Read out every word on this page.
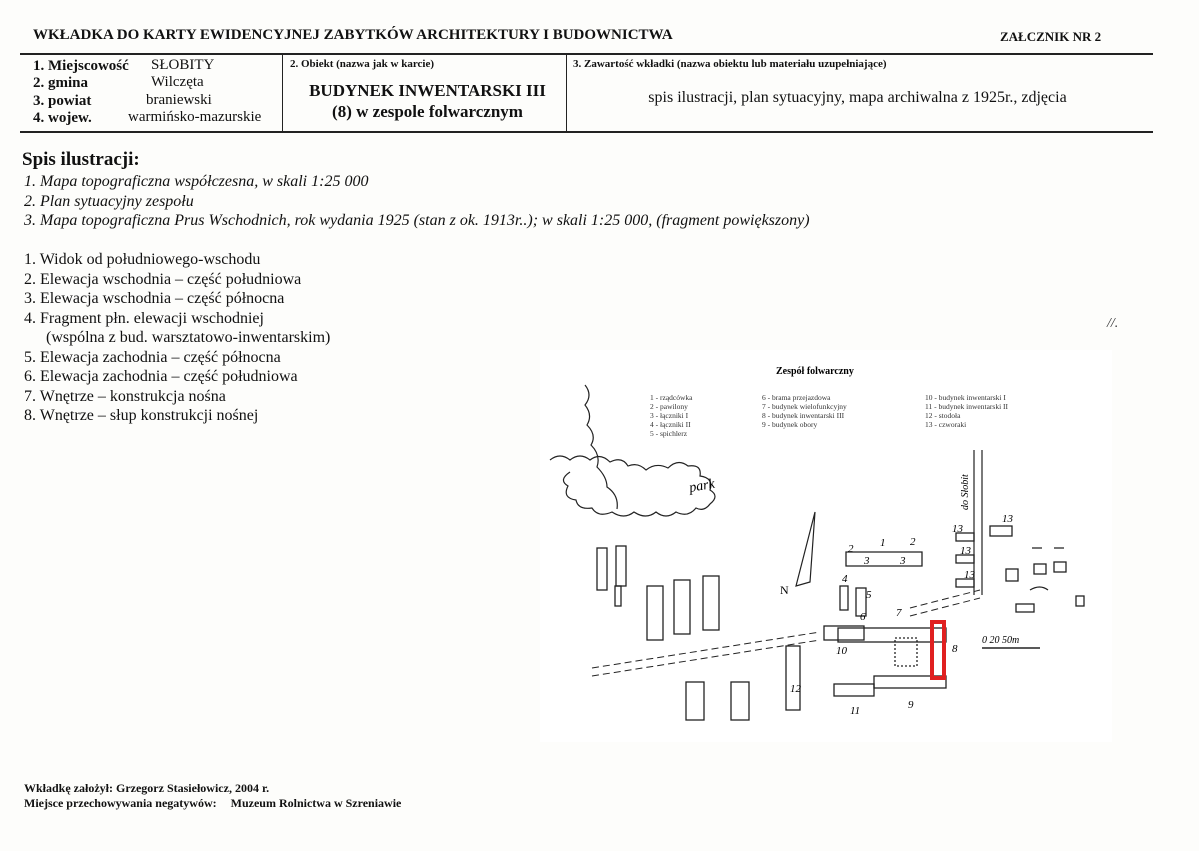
WKŁADKA DO KARTY EWIDENCYJNEJ ZABYTKÓW ARCHITEKTURY I BUDOWNICTWA	ZAŁCZNIK NR 2
1. Miejscowość SŁOBITY
2. gmina	Wilczęta
3. powiat	braniewski
4. wojew. warmińsko-mazurskie
2. Obiekt (nazwa jak w karcie)	3. Zawartość wkładki (nazwa obiektu lub materiału uzupełniające)
BUDYNEK INWENTARSKI III
(8) w zespole folwarcznym
spis ilustracji, plan sytuacyjny, mapa archiwalna z 1925r., zdjęcia
Spis ilustracji:
1. Mapa topograficzna współczesna, w skali 1:25 000
2. Plan sytuacyjny zespołu
3. Mapa topograficzna Prus Wschodnich, rok wydania 1925 (stan z ok. 1913r..); w skali 1:25 000, (fragment powiększony)
1. Widok od południowego-wschodu
2. Elewacja wschodnia – część południowa
3. Elewacja wschodnia – część północna
4. Fragment płn. elewacji wschodniej
(wspólna z bud. warsztatowo-inwentarskim)
5. Elewacja zachodnia – część północna
6. Elewacja zachodnia – część południowa
7. Wnętrze – konstrukcja nośna
8. Wnętrze – słup konstrukcji nośnej
//.
Zespół folwarczny
1 - rządcówka
2 - pawilony
3 - łączniki I
4 - łączniki II
5 - spichlerz
6 - brama przejazdowa
7 - budynek wielofunkcyjny
8 - budynek inwentarski III
9 - budynek obory
10 - budynek inwentarski I
11 - budynek inwentarski II
12 - stodoła
13 - czworaki
park	do Słobit
N
0 20 50m
1
2
2
3	3
4
5
6	7
8
9
10
11
12
13
13
13
13
Wkładkę założył: Grzegorz Stasiełowicz, 2004 r.
Miejsce przechowywania negatywów: Muzeum Rolnictwa w Szreniawie
